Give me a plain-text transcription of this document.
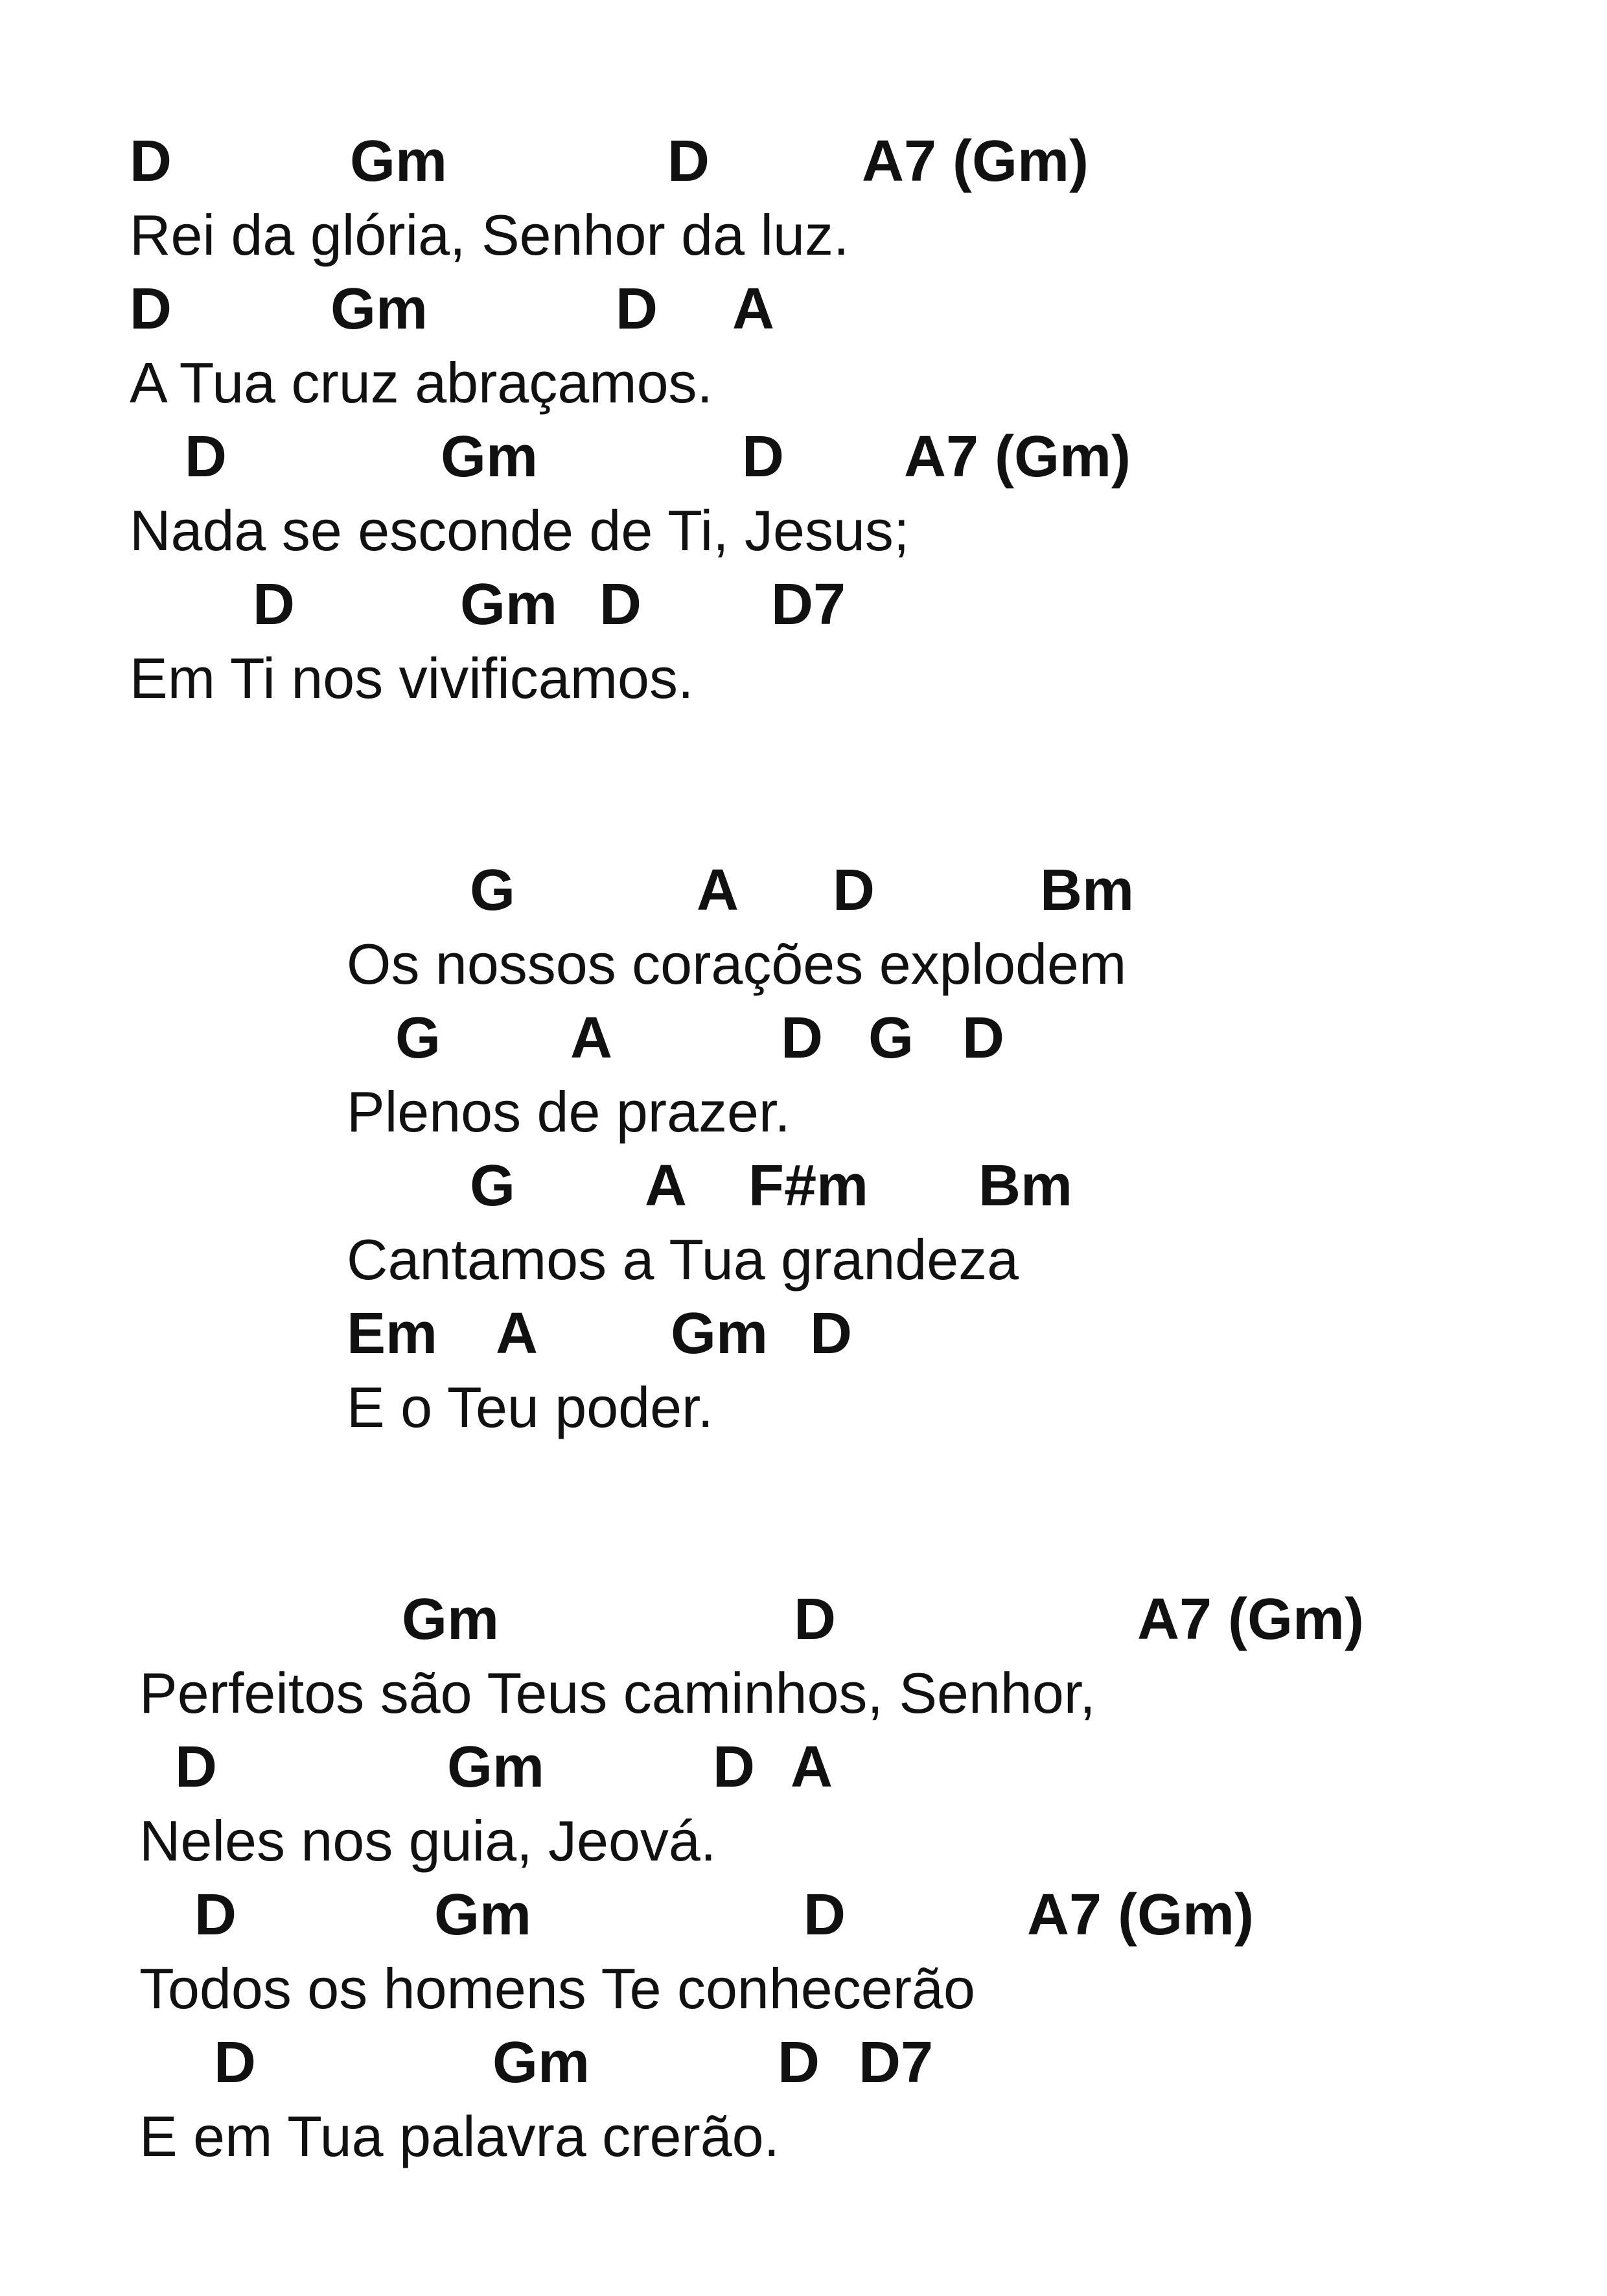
D	Gm	D	A7 (Gm)
Rei da glória, Senhor da luz.
D	Gm	D A
A Tua cruz abraçamos.
D	Gm	D A7 (Gm)
Nada se esconde de Ti, Jesus;
D	Gm D D7
Em Ti nos vivificamos.
G	A D	Bm
Os nossos corações explodem
G A	D G D
Plenos de prazer.
G A F#m Bm
Cantamos a Tua grandeza
Em A Gm D
E o Teu poder.
Gm	D	A7 (Gm)
Perfeitos são Teus caminhos, Senhor,
D	Gm	D A
Neles nos guia, Jeová.
D	Gm	D	A7 (Gm)
Todos os homens Te conhecerão
D	Gm	D D7
E em Tua palavra crerão.
